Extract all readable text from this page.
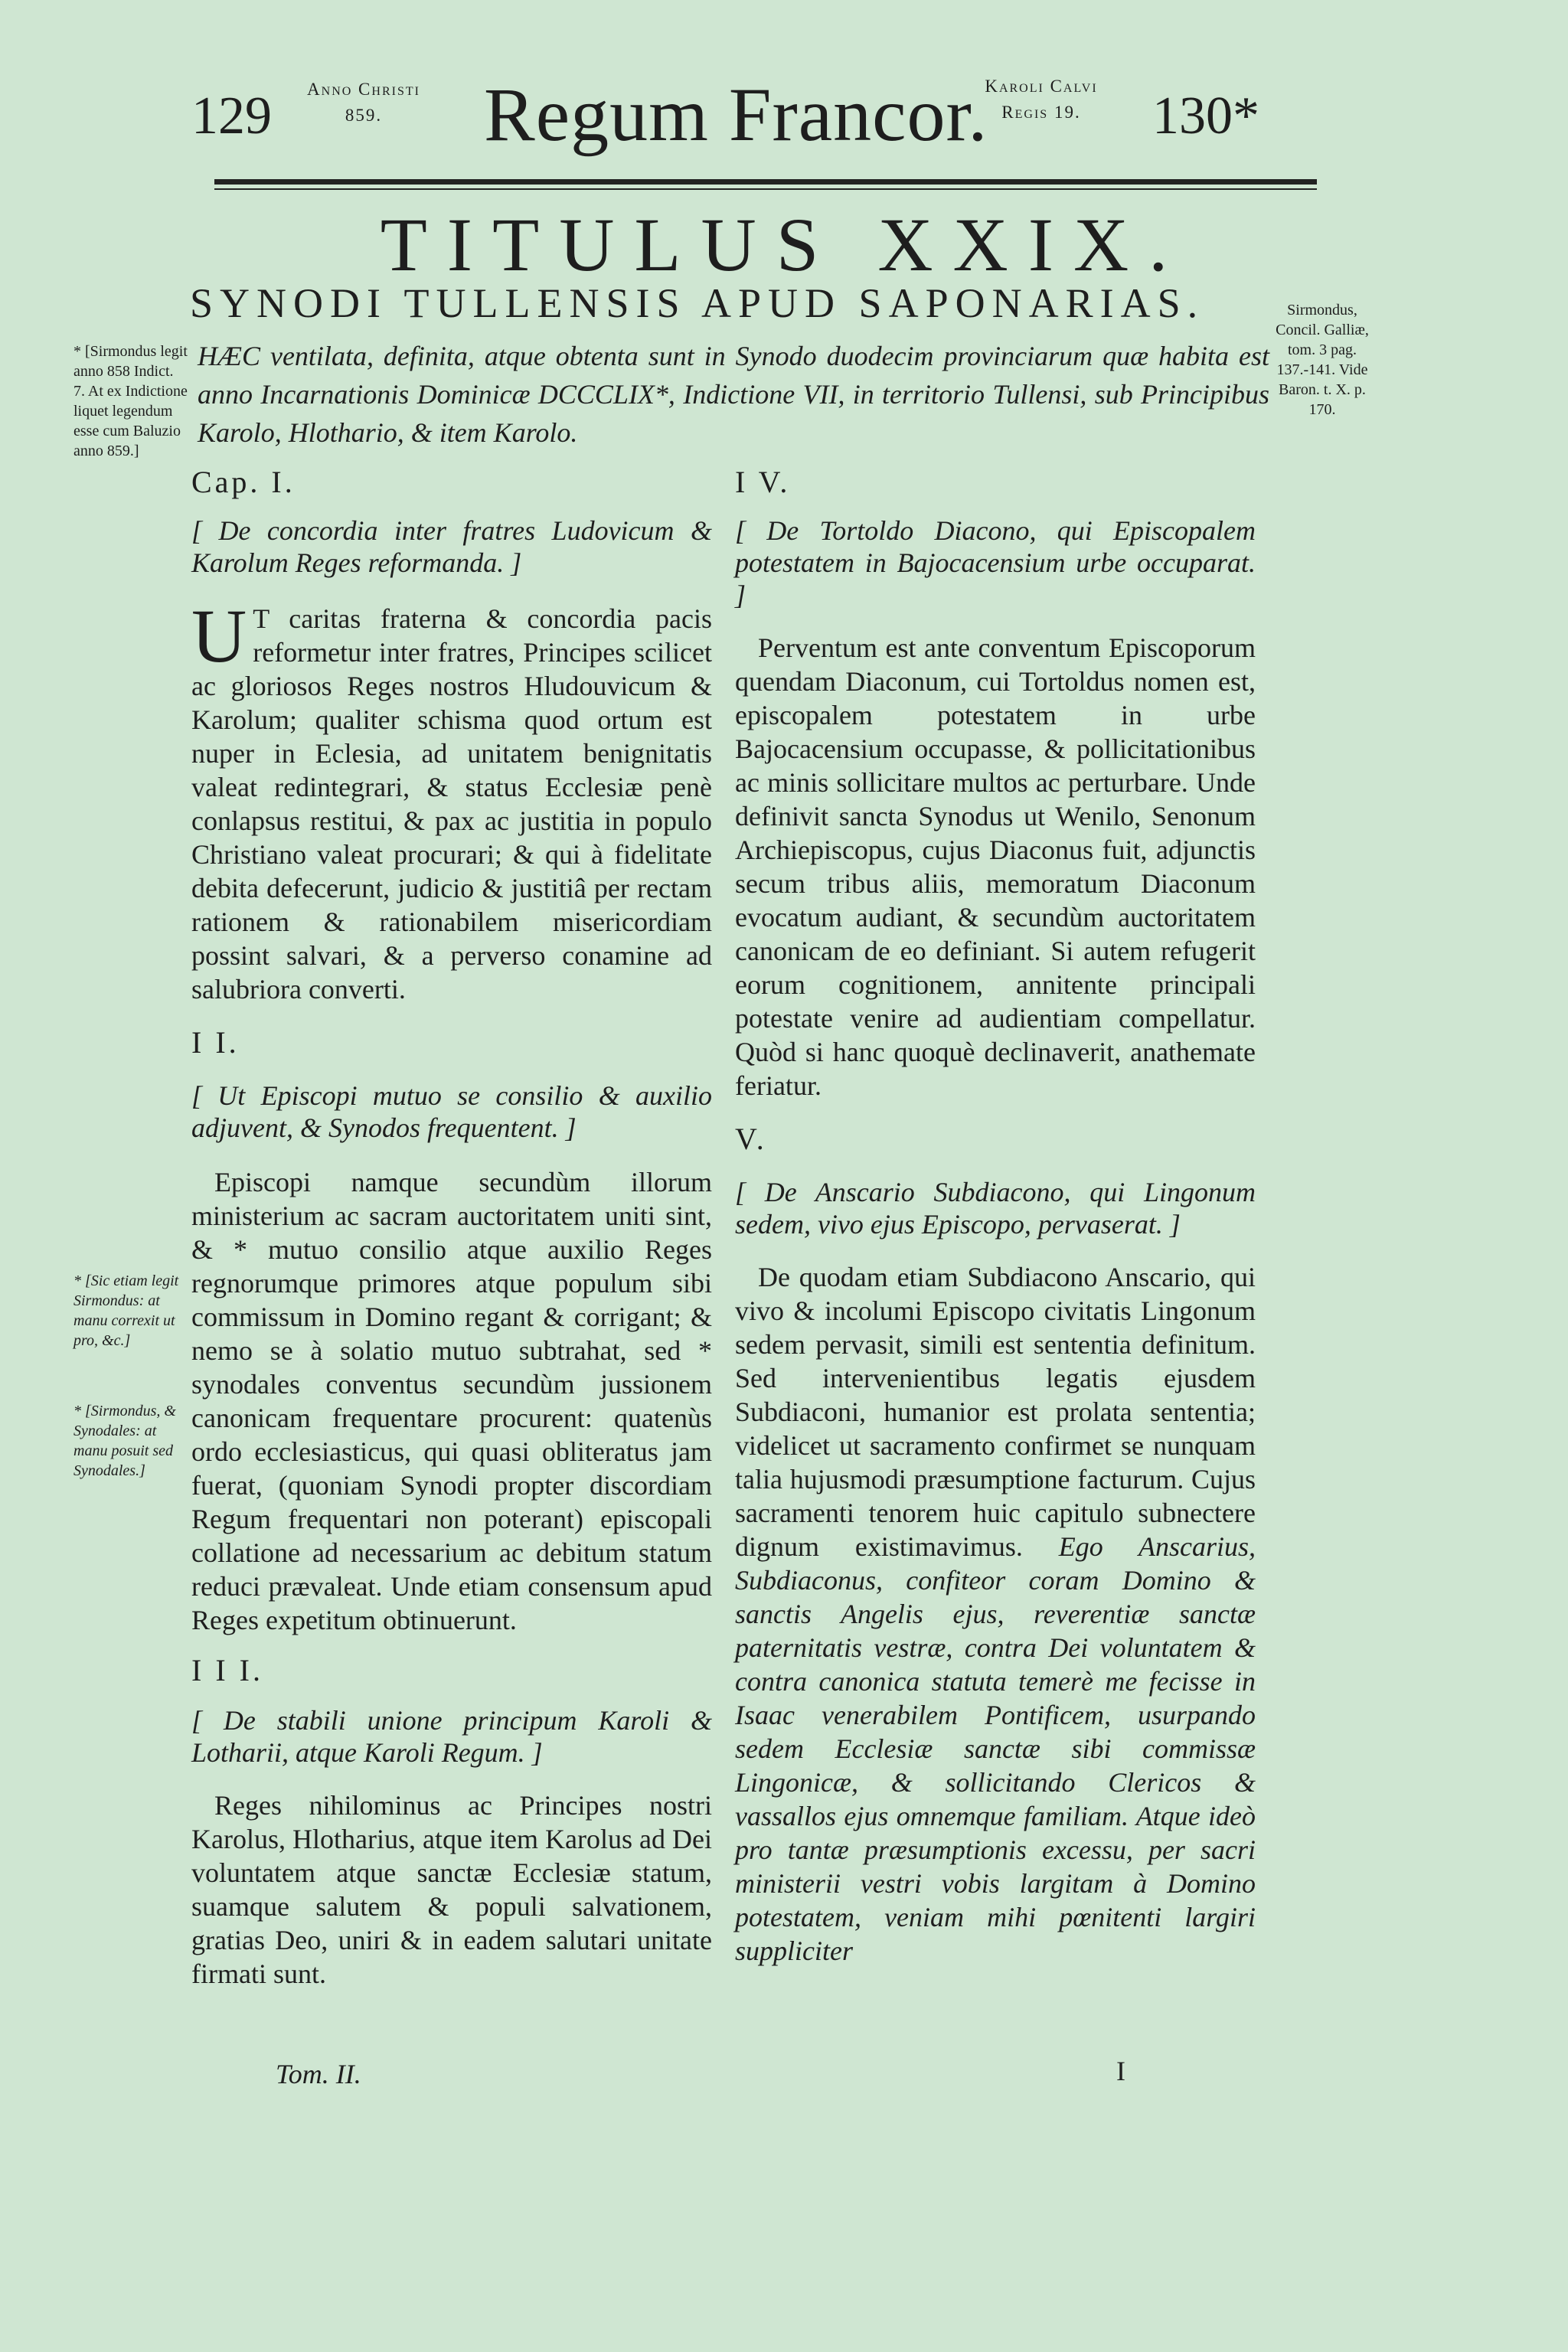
129	Anno Christi
859.	Regum Francor.
Karoli Calvi
Regis 19.	130*
TITULUS XXIX.
SYNODI TULLENSIS APUD SAPONARIAS.
HÆC ventilata, definita, atque obtenta sunt in Synodo duodecim provinciarum quæ habita est anno Incarnationis Dominicæ DCCCLIX*, Indictione VII, in territorio Tullensi, sub Principibus Karolo, Hlothario, & item Karolo.
* [Sirmondus legit anno 858 Indict. 7. At ex Indictione liquet legendum esse cum Baluzio anno 859.]
* [Sic etiam legit Sirmondus: at manu correxit ut pro, &c.]
* [Sirmondus, & Synodales: at manu posuit sed Synodales.]
Sirmondus, Concil. Galliæ, tom. 3 pag. 137.-141. Vide Baron. t. X. p. 170.

Cap. I.

[ De concordia inter fratres Ludovicum & Karolum Reges reformanda. ]

U T caritas fraterna & concordia pacis reformetur inter fratres, Principes scilicet ac gloriosos Reges nostros Hludouvicum & Karolum; qualiter schisma quod ortum est nuper in Eclesia, ad unitatem benignitatis valeat redintegrari, & status Ecclesiæ penè conlapsus restitui, & pax ac justitia in populo Christiano valeat procurari; & qui à fidelitate debita defecerunt, judicio & justitiâ per rectam rationem & rationabilem misericordiam possint salvari, & a perverso conamine ad salubriora converti.

I I.

[ Ut Episcopi mutuo se consilio & auxilio adjuvent, & Synodos frequentent. ]

Episcopi namque secundùm illorum ministerium ac sacram auctoritatem uniti sint, & * mutuo consilio atque auxilio Reges regnorumque primores atque populum sibi commissum in Domino regant & corrigant; & nemo se à solatio mutuo subtrahat, sed * synodales conventus secundùm jussionem canonicam frequentare procurent: quatenùs ordo ecclesiasticus, qui quasi obliteratus jam fuerat, (quoniam Synodi propter discordiam Regum frequentari non poterant) episcopali collatione ad necessarium ac debitum statum reduci prævaleat. Unde etiam consensum apud Reges expetitum obtinuerunt.

I I I.

[ De stabili unione principum Karoli & Lotharii, atque Karoli Regum. ]

Reges nihilominus ac Principes nostri Karolus, Hlotharius, atque item Karolus ad Dei voluntatem atque sanctæ Ecclesiæ statum, suamque salutem & populi salvationem, gratias Deo, uniri & in eadem salutari unitate firmati sunt.

I V.

[ De Tortoldo Diacono, qui Episcopalem potestatem in Bajocacensium urbe occuparat. ]

Perventum est ante conventum Episcoporum quendam Diaconum, cui Tortoldus nomen est, episcopalem potestatem in urbe Bajocacensium occupasse, & pollicitationibus ac minis sollicitare multos ac perturbare. Unde definivit sancta Synodus ut Wenilo, Senonum Archiepiscopus, cujus Diaconus fuit, adjunctis secum tribus aliis, memoratum Diaconum evocatum audiant, & secundùm auctoritatem canonicam de eo definiant. Si autem refugerit eorum cognitionem, annitente principali potestate venire ad audientiam compellatur. Quòd si hanc quoquè declinaverit, anathemate feriatur.

V.

[ De Anscario Subdiacono, qui Lingonum sedem, vivo ejus Episcopo, pervaserat. ]

De quodam etiam Subdiacono Anscario, qui vivo & incolumi Episcopo civitatis Lingonum sedem pervasit, simili est sententia definitum. Sed intervenientibus legatis ejusdem Subdiaconi, humanior est prolata sententia; videlicet ut sacramento confirmet se nunquam talia hujusmodi præsumptione facturum. Cujus sacramenti tenorem huic capitulo subnectere dignum existimavimus. Ego Anscarius, Subdiaconus, confiteor coram Domino & sanctis Angelis ejus, reverentiæ sanctæ paternitatis vestræ, contra Dei voluntatem & contra canonica statuta temerè me fecisse in Isaac venerabilem Pontificem, usurpando sedem Ecclesiæ sanctæ sibi commissæ Lingonicæ, & sollicitando Clericos & vassallos ejus omnemque familiam. Atque ideò pro tantæ præsumptionis excessu, per sacri ministerii vestri vobis largitam à Domino potestatem, veniam mihi pœnitenti largiri suppliciter

Tom. II.	I
